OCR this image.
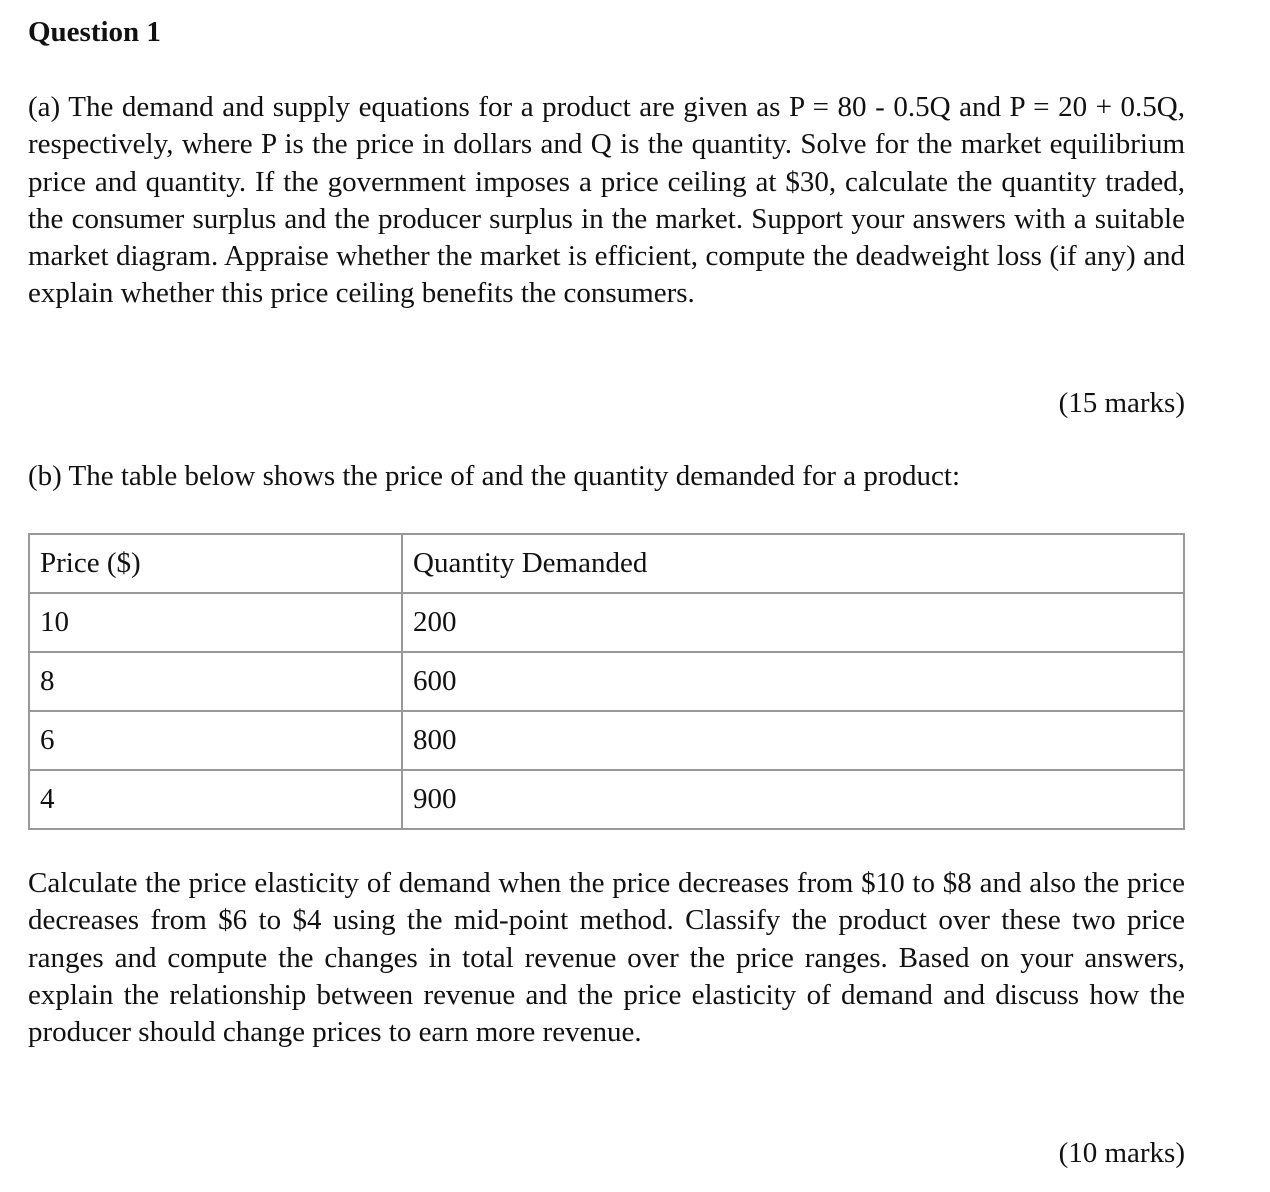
Question 1
(a) The demand and supply equations for a product are given as P = 80 - 0.5Q and P = 20 + 0.5Q, respectively, where P is the price in dollars and Q is the quantity. Solve for the market equilibrium price and quantity. If the government imposes a price ceiling at $30, calculate the quantity traded, the consumer surplus and the producer surplus in the market. Support your answers with a suitable market diagram. Appraise whether the market is efficient, compute the deadweight loss (if any) and explain whether this price ceiling benefits the consumers.
(15 marks)
(b) The table below shows the price of and the quantity demanded for a product:
Price ($)	Quantity Demanded
10	200
8	600
6	800
4	900
Calculate the price elasticity of demand when the price decreases from $10 to $8 and also the price decreases from $6 to $4 using the mid-point method. Classify the product over these two price ranges and compute the changes in total revenue over the price ranges. Based on your answers, explain the relationship between revenue and the price elasticity of demand and discuss how the producer should change prices to earn more revenue.
(10 marks)
